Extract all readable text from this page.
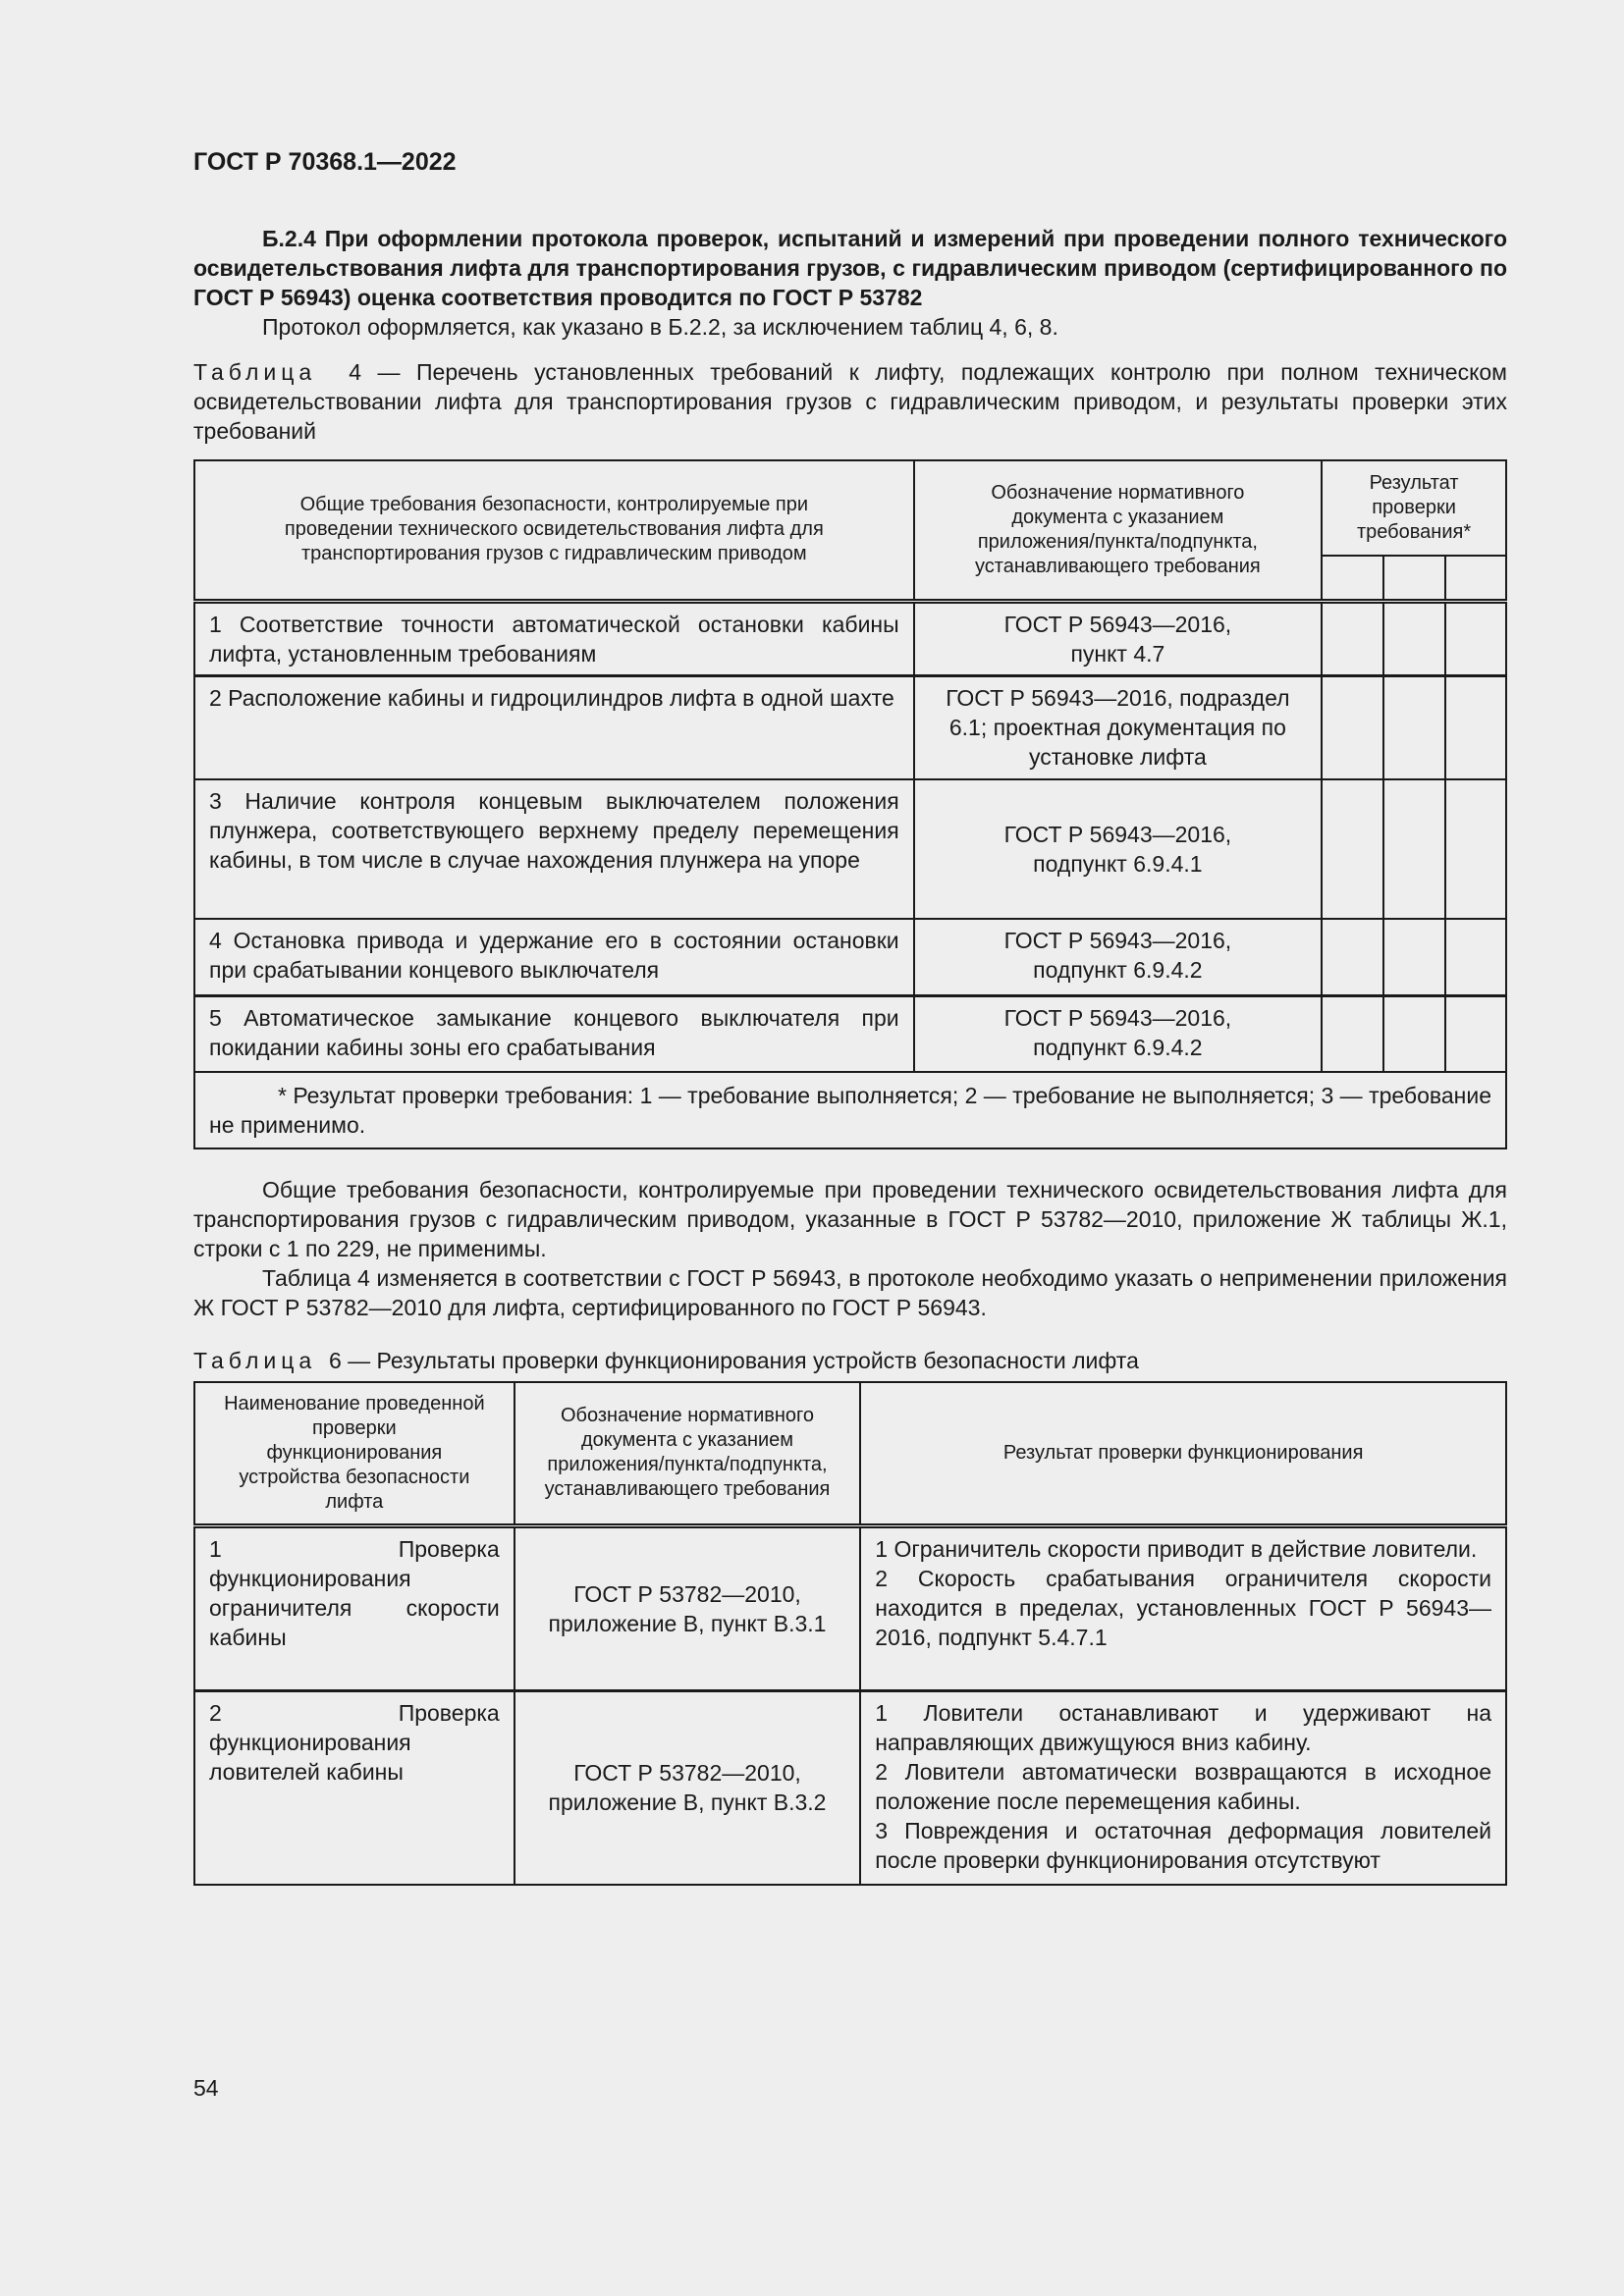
ГОСТ Р 70368.1—2022

Б.2.4 При оформлении протокола проверок, испытаний и измерений при проведении полного технического освидетельствования лифта для транспортирования грузов, с гидравлическим приводом (сертифицированного по ГОСТ Р 56943) оценка соответствия проводится по ГОСТ Р 53782

Протокол оформляется, как указано в Б.2.2, за исключением таблиц 4, 6, 8.

Таблица 4 — Перечень установленных требований к лифту, подлежащих контролю при полном техническом освидетельствовании лифта для транспортирования грузов с гидравлическим приводом, и результаты проверки этих требований

Общие требования безопасности, контролируемые при проведении технического освидетельствования лифта для транспортирования грузов с гидравлическим приводом	Обозначение нормативного документа с указанием приложения/пункта/подпункта, устанавливающего требования	Результат проверки требования*		

1 Соответствие точности автоматической остановки кабины лифта, установленным требованиям	ГОСТ Р 56943—2016, пункт 4.7			
2 Расположение кабины и гидроцилиндров лифта в одной шахте	ГОСТ Р 56943—2016, подраздел 6.1; проектная документация по установке лифта			
3 Наличие контроля концевым выключателем положения плунжера, соответствующего верхнему пределу перемещения кабины, в том числе в случае нахождения плунжера на упоре	ГОСТ Р 56943—2016, подпункт 6.9.4.1			
4 Остановка привода и удержание его в состоянии остановки при срабатывании концевого выключателя	ГОСТ Р 56943—2016, подпункт 6.9.4.2			
5 Автоматическое замыкание концевого выключателя при покидании кабины зоны его срабатывания	ГОСТ Р 56943—2016, подпункт 6.9.4.2			

* Результат проверки требования: 1 — требование выполняется; 2 — требование не выполняется; 3 — требование не применимо.				

Общие требования безопасности, контролируемые при проведении технического освидетельствования лифта для транспортирования грузов с гидравлическим приводом, указанные в ГОСТ Р 53782—2010, приложение Ж таблицы Ж.1, строки с 1 по 229, не применимы.

Таблица 4 изменяется в соответствии с ГОСТ Р 56943, в протоколе необходимо указать о неприменении приложения Ж ГОСТ Р 53782—2010 для лифта, сертифицированного по ГОСТ Р 56943.

Таблица 6 — Результаты проверки функционирования устройств безопасности лифта

Наименование проведенной проверки функционирования устройства безопасности лифта	Обозначение нормативного документа с указанием приложения/пункта/подпункта, устанавливающего требования	Результат проверки функционирования
1 Проверка функционирования ограничителя скорости кабины	ГОСТ Р 53782—2010, приложение В, пункт В.3.1	1 Ограничитель скорости приводит в действие ловители.

2 Скорость срабатывания ограничителя скорости находится в пределах, установленных ГОСТ Р 56943—2016, подпункт 5.4.7.1

2 Проверка функционирования ловителей кабины	ГОСТ Р 53782—2010, приложение В, пункт В.3.2	1 Ловители останавливают и удерживают на направляющих движущуюся вниз кабину.

2 Ловители автоматически возвращаются в исходное положение после перемещения кабины.

3 Повреждения и остаточная деформация ловителей после проверки функционирования отсутствуют

54
